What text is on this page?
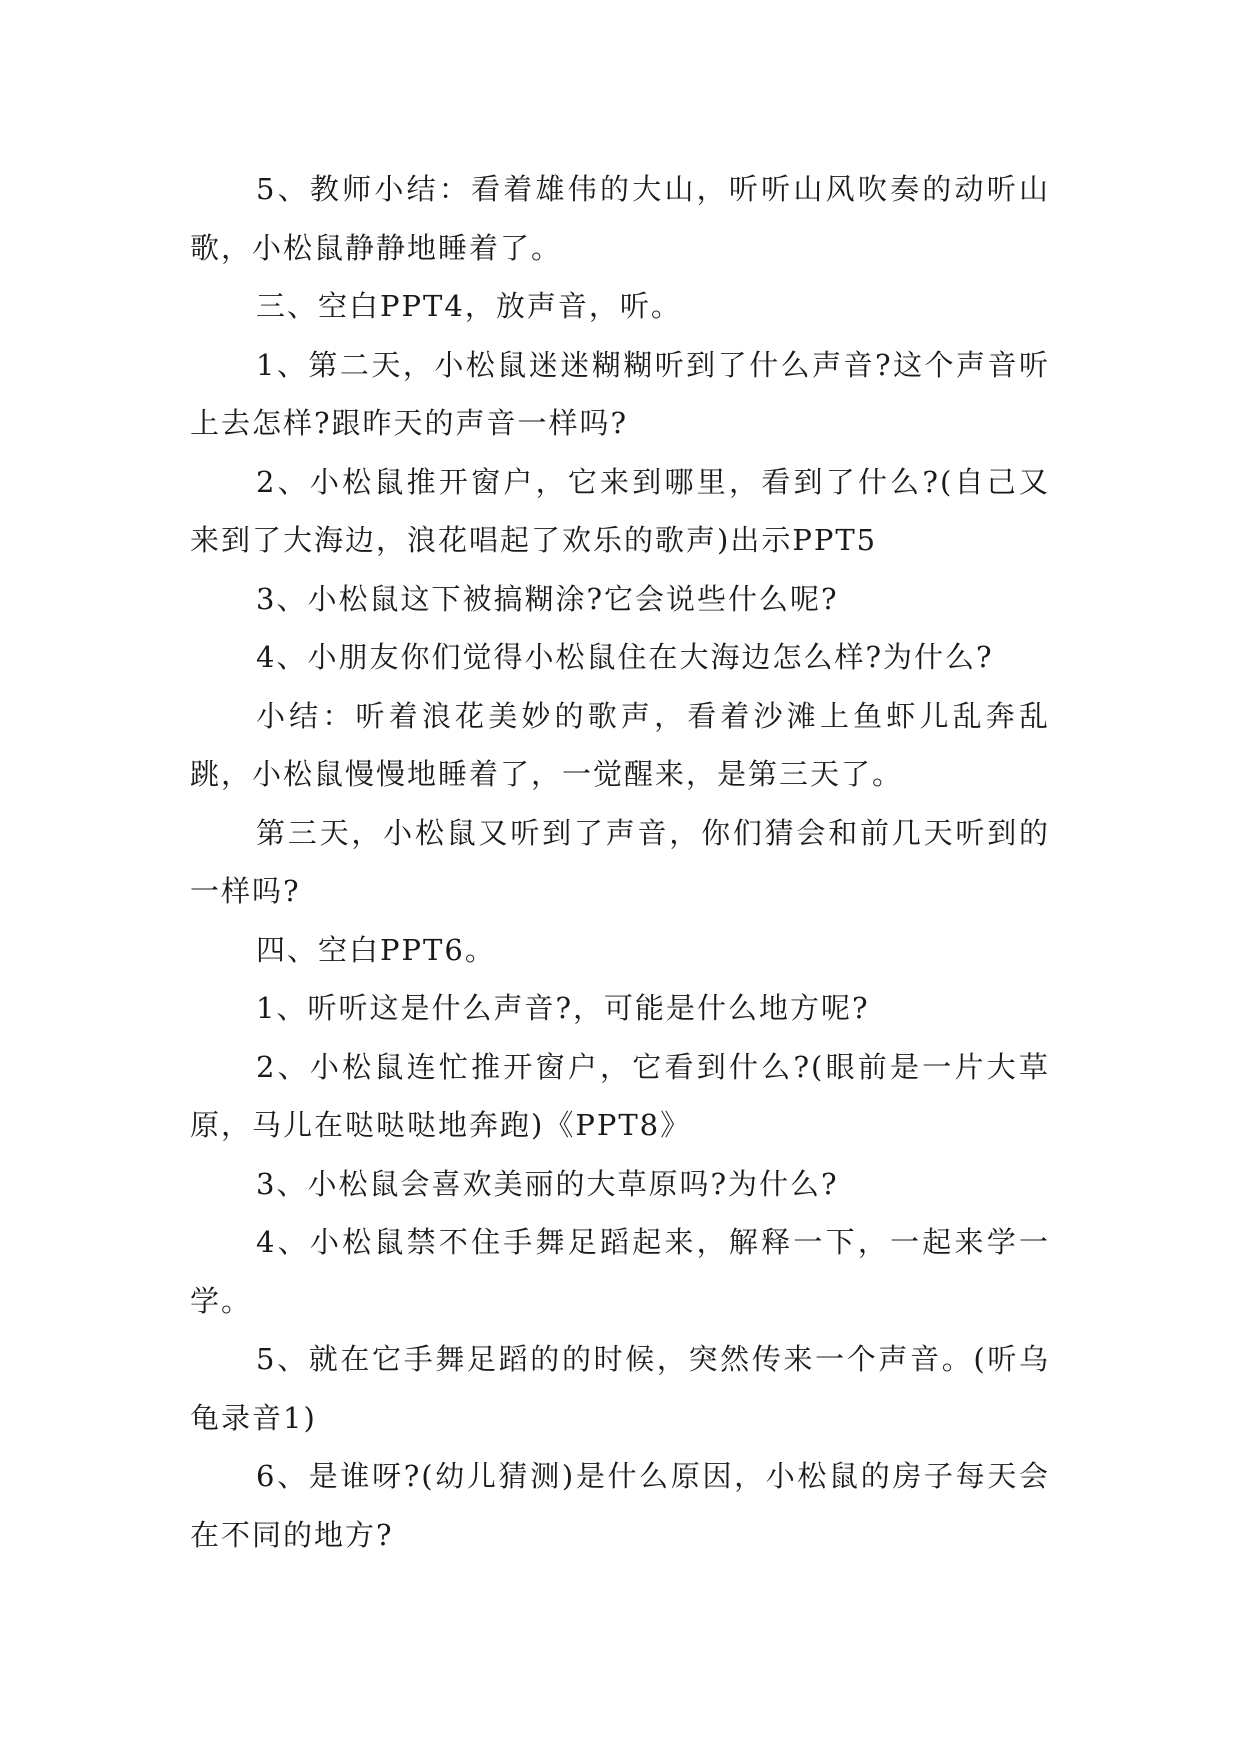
5、教师小结：看着雄伟的大山，听听山风吹奏的动听山歌，小松鼠静静地睡着了。

三、空白PPT4，放声音，听。

1、第二天，小松鼠迷迷糊糊听到了什么声音?这个声音听上去怎样?跟昨天的声音一样吗?

2、小松鼠推开窗户，它来到哪里，看到了什么?(自己又来到了大海边，浪花唱起了欢乐的歌声)出示PPT5

3、小松鼠这下被搞糊涂?它会说些什么呢?

4、小朋友你们觉得小松鼠住在大海边怎么样?为什么?

小结：听着浪花美妙的歌声，看着沙滩上鱼虾儿乱奔乱跳，小松鼠慢慢地睡着了，一觉醒来，是第三天了。

第三天，小松鼠又听到了声音，你们猜会和前几天听到的一样吗?

四、空白PPT6。

1、听听这是什么声音?，可能是什么地方呢?

2、小松鼠连忙推开窗户，它看到什么?(眼前是一片大草原，马儿在哒哒哒地奔跑)《PPT8》

3、小松鼠会喜欢美丽的大草原吗?为什么?

4、小松鼠禁不住手舞足蹈起来，解释一下，一起来学一学。

5、就在它手舞足蹈的的时候，突然传来一个声音。(听乌龟录音1)

6、是谁呀?(幼儿猜测)是什么原因，小松鼠的房子每天会在不同的地方?
